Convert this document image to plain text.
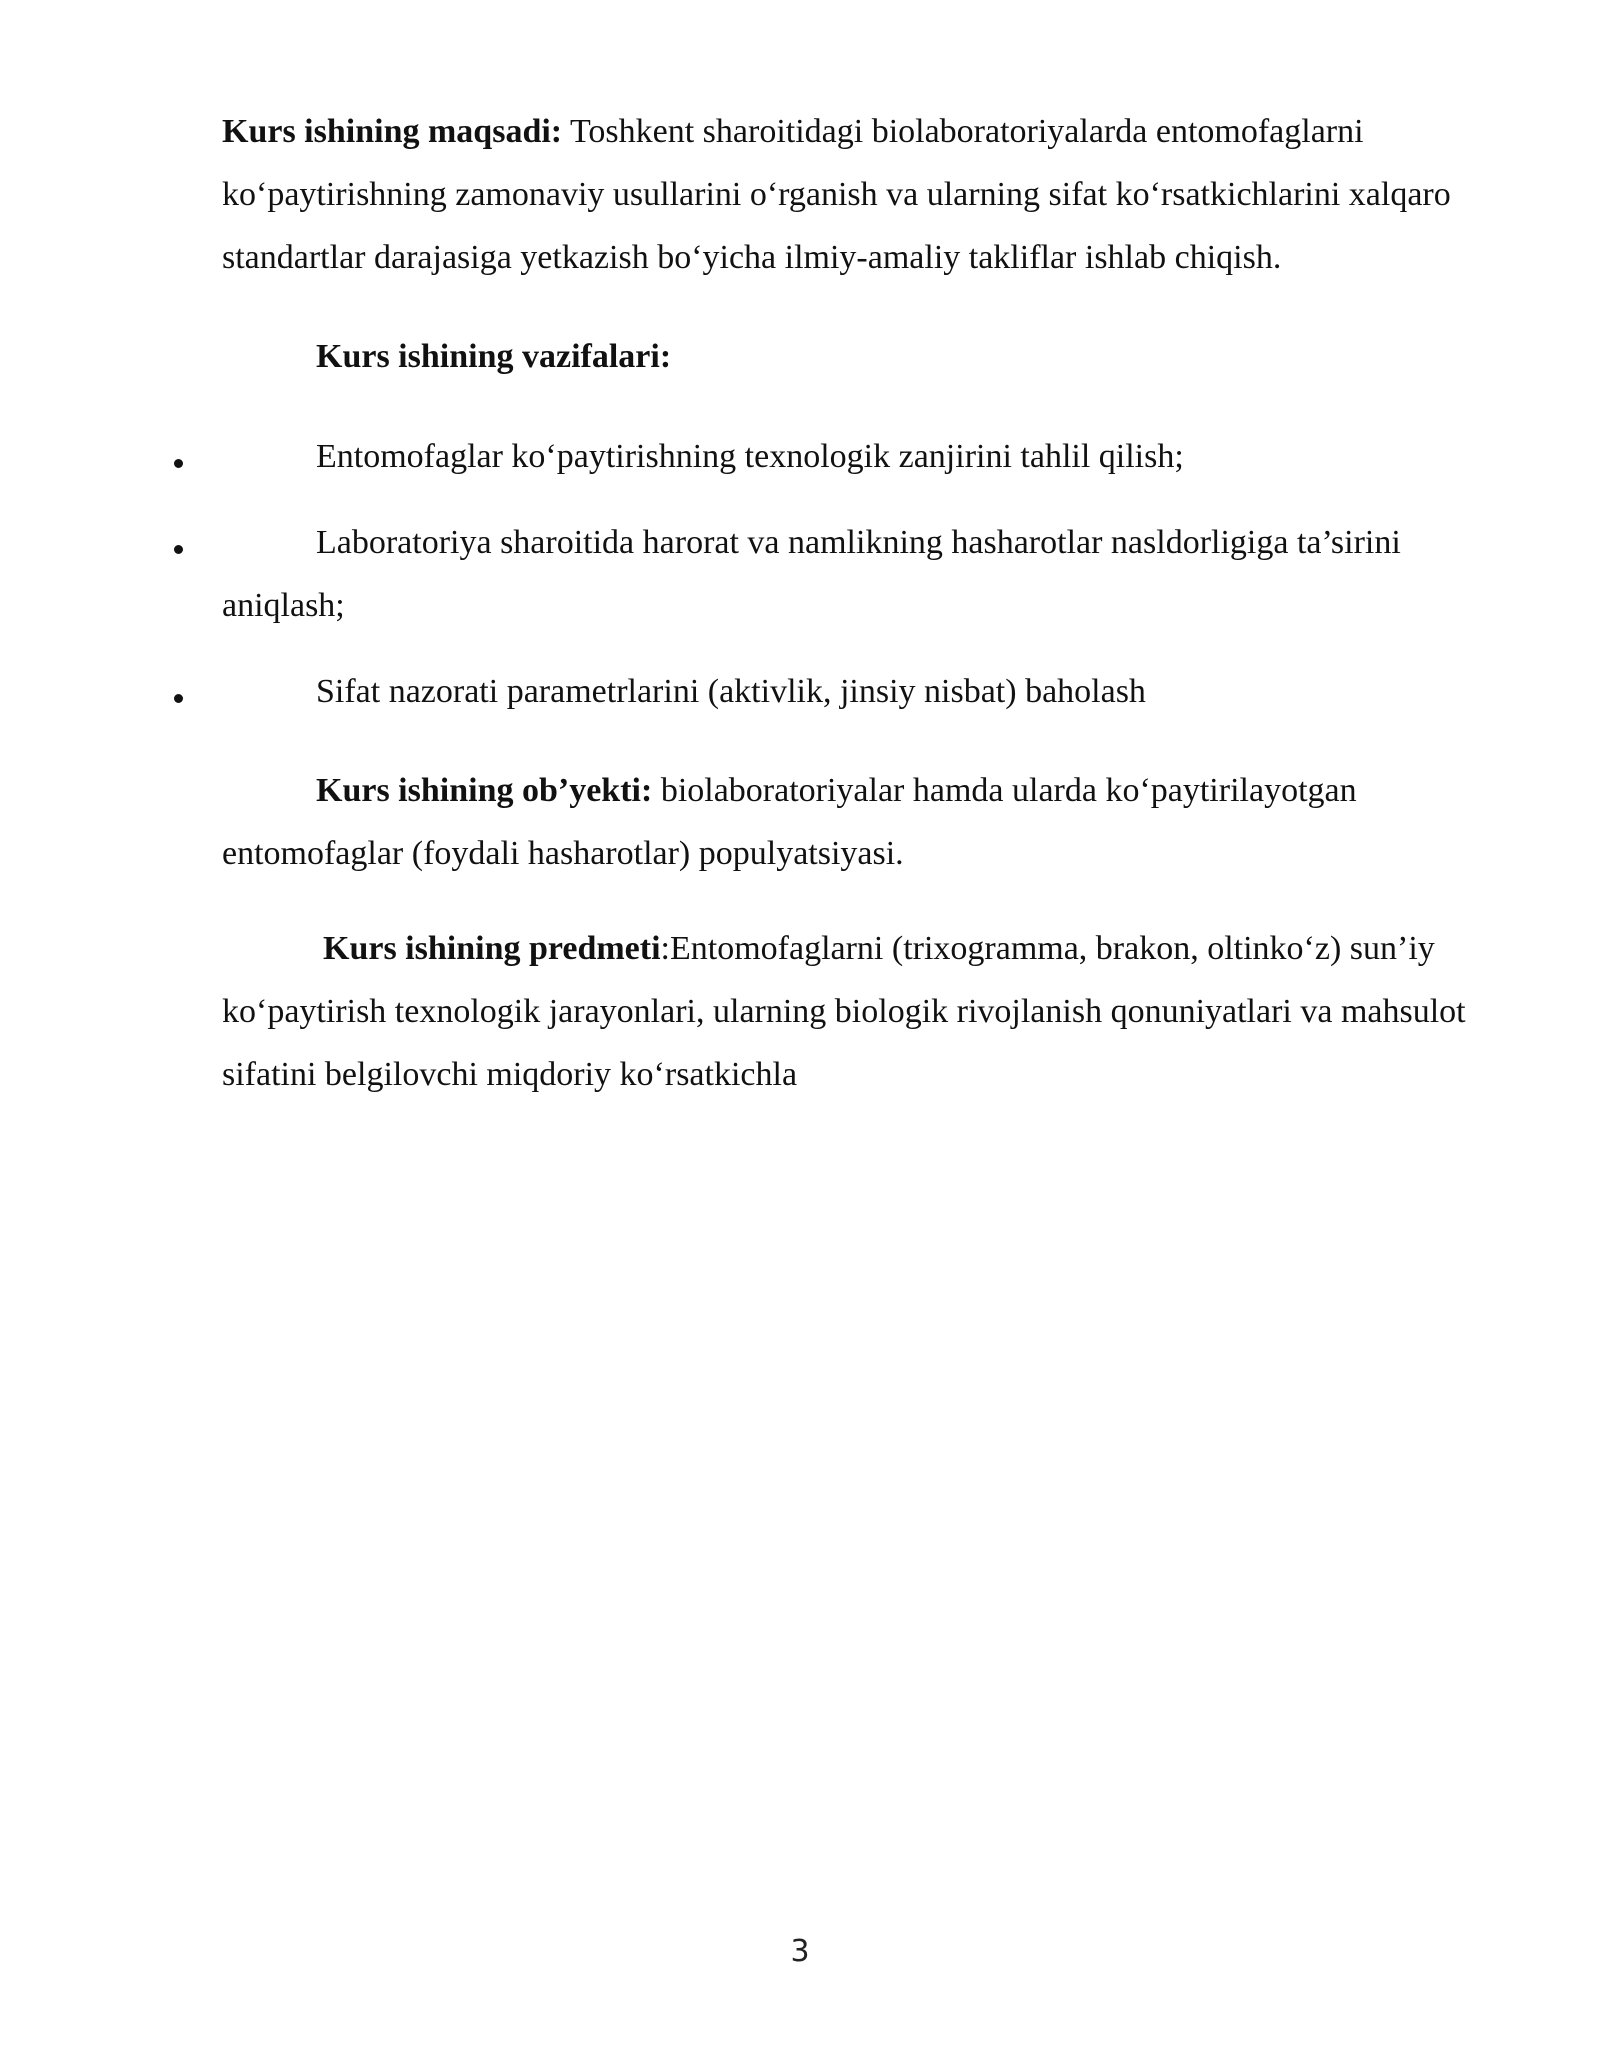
Kurs ishining maqsadi: Toshkent sharoitidagi biolaboratoriyalarda entomofaglarni ko‘paytirishning zamonaviy usullarini o‘rganish va ularning sifat ko‘rsatkichlarini xalqaro standartlar darajasiga yetkazish bo‘yicha ilmiy-amaliy takliflar ishlab chiqish.

Kurs ishining vazifalari:

Entomofaglar ko‘paytirishning texnologik zanjirini tahlil qilish;

Laboratoriya sharoitida harorat va namlikning hasharotlar nasldorligiga ta’sirini aniqlash;

Sifat nazorati parametrlarini (aktivlik, jinsiy nisbat) baholash

Kurs ishining ob’yekti: biolaboratoriyalar hamda ularda ko‘paytirilayotgan entomofaglar (foydali hasharotlar) populyatsiyasi.

Kurs ishining predmeti:Entomofaglarni (trixogramma, brakon, oltinko‘z) sun’iy ko‘paytirish texnologik jarayonlari, ularning biologik rivojlanish qonuniyatlari va mahsulot sifatini belgilovchi miqdoriy ko‘rsatkichla

3
